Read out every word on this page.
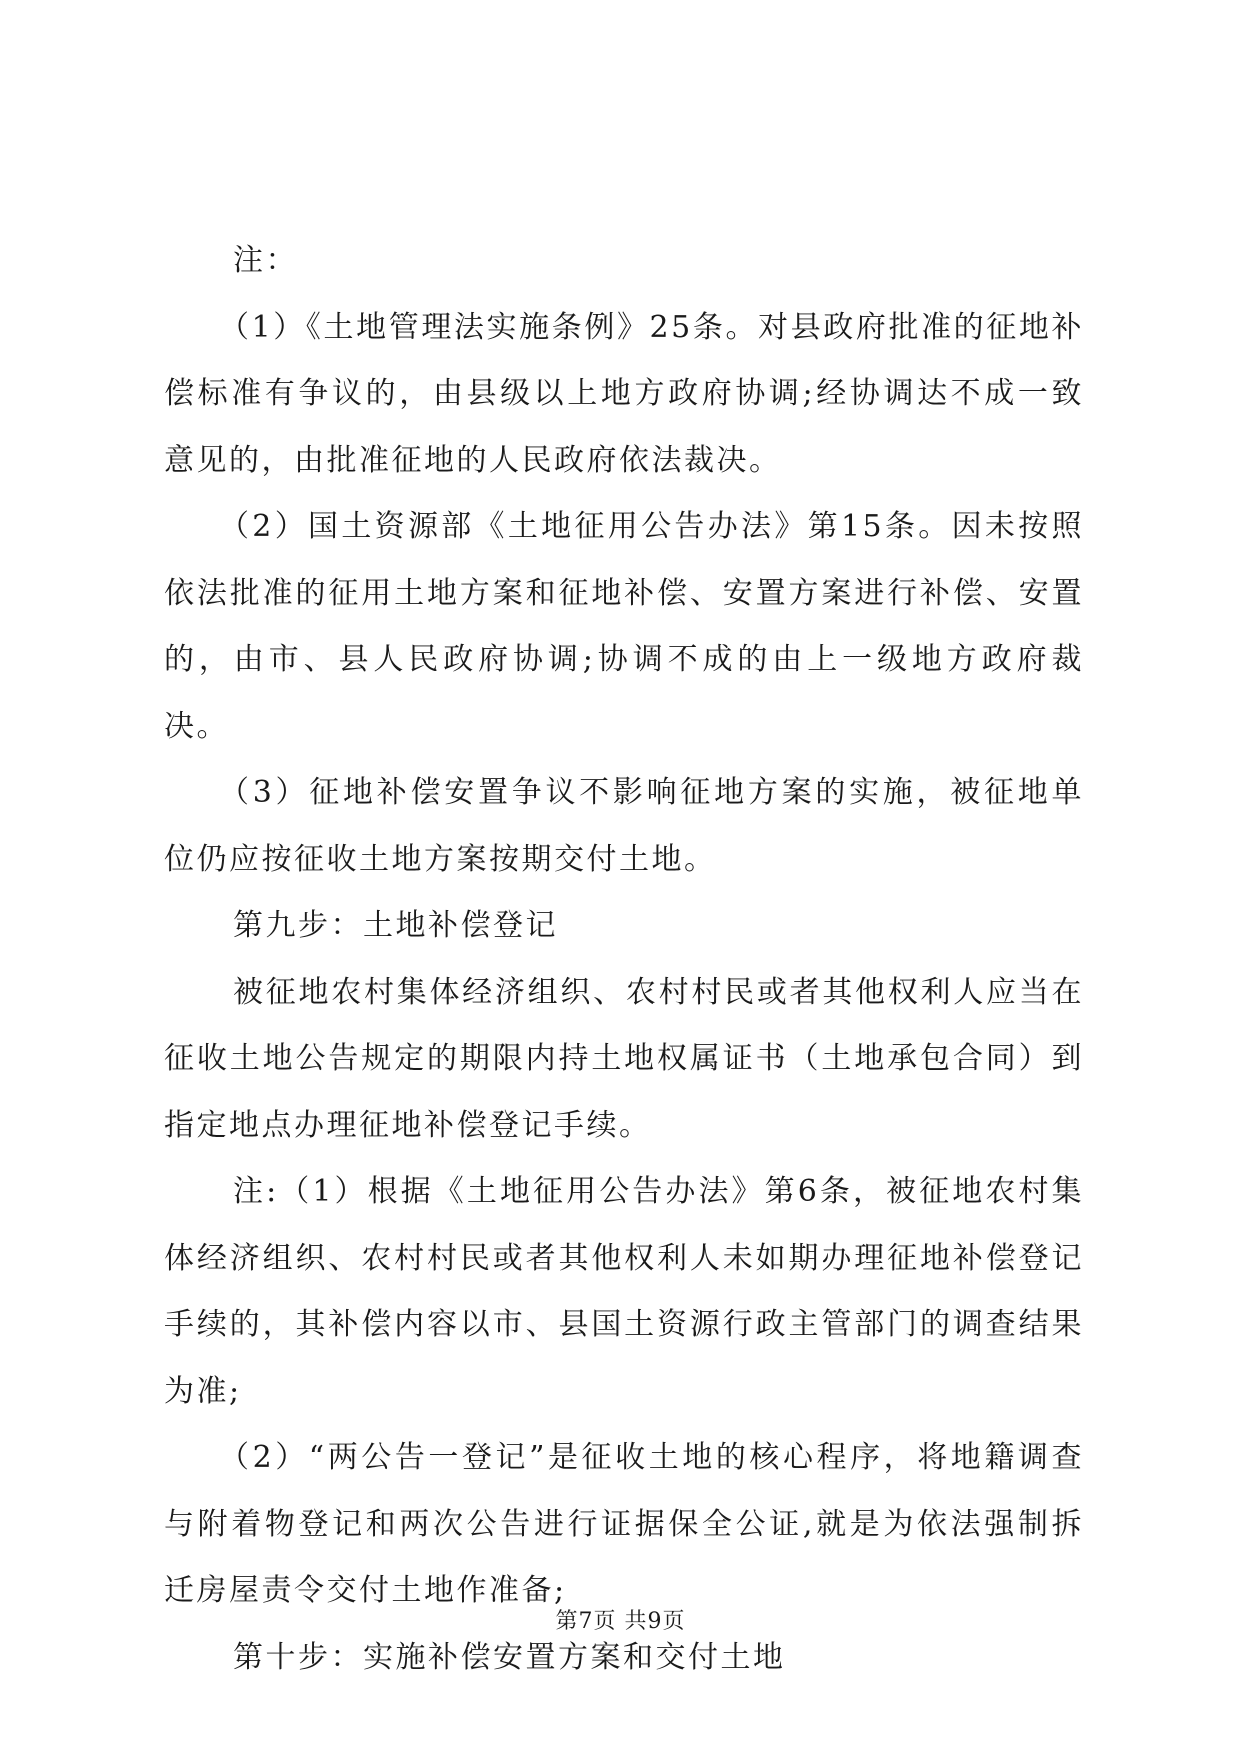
注：

（1）《土地管理法实施条例》25条。对县政府批准的征地补偿标准有争议的，由县级以上地方政府协调;经协调达不成一致意见的，由批准征地的人民政府依法裁决。

（2）国土资源部《土地征用公告办法》第15条。因未按照依法批准的征用土地方案和征地补偿、安置方案进行补偿、安置的，由市、县人民政府协调;协调不成的由上一级地方政府裁决。

（3）征地补偿安置争议不影响征地方案的实施，被征地单位仍应按征收土地方案按期交付土地。

第九步：土地补偿登记

被征地农村集体经济组织、农村村民或者其他权利人应当在征收土地公告规定的期限内持土地权属证书（土地承包合同）到指定地点办理征地补偿登记手续。

注:（1）根据《土地征用公告办法》第6条，被征地农村集体经济组织、农村村民或者其他权利人未如期办理征地补偿登记手续的，其补偿内容以市、县国土资源行政主管部门的调查结果为准;

（2）“两公告一登记”是征收土地的核心程序，将地籍调查与附着物登记和两次公告进行证据保全公证,就是为依法强制拆迁房屋责令交付土地作准备;

第十步：实施补偿安置方案和交付土地

第7页 共9页
